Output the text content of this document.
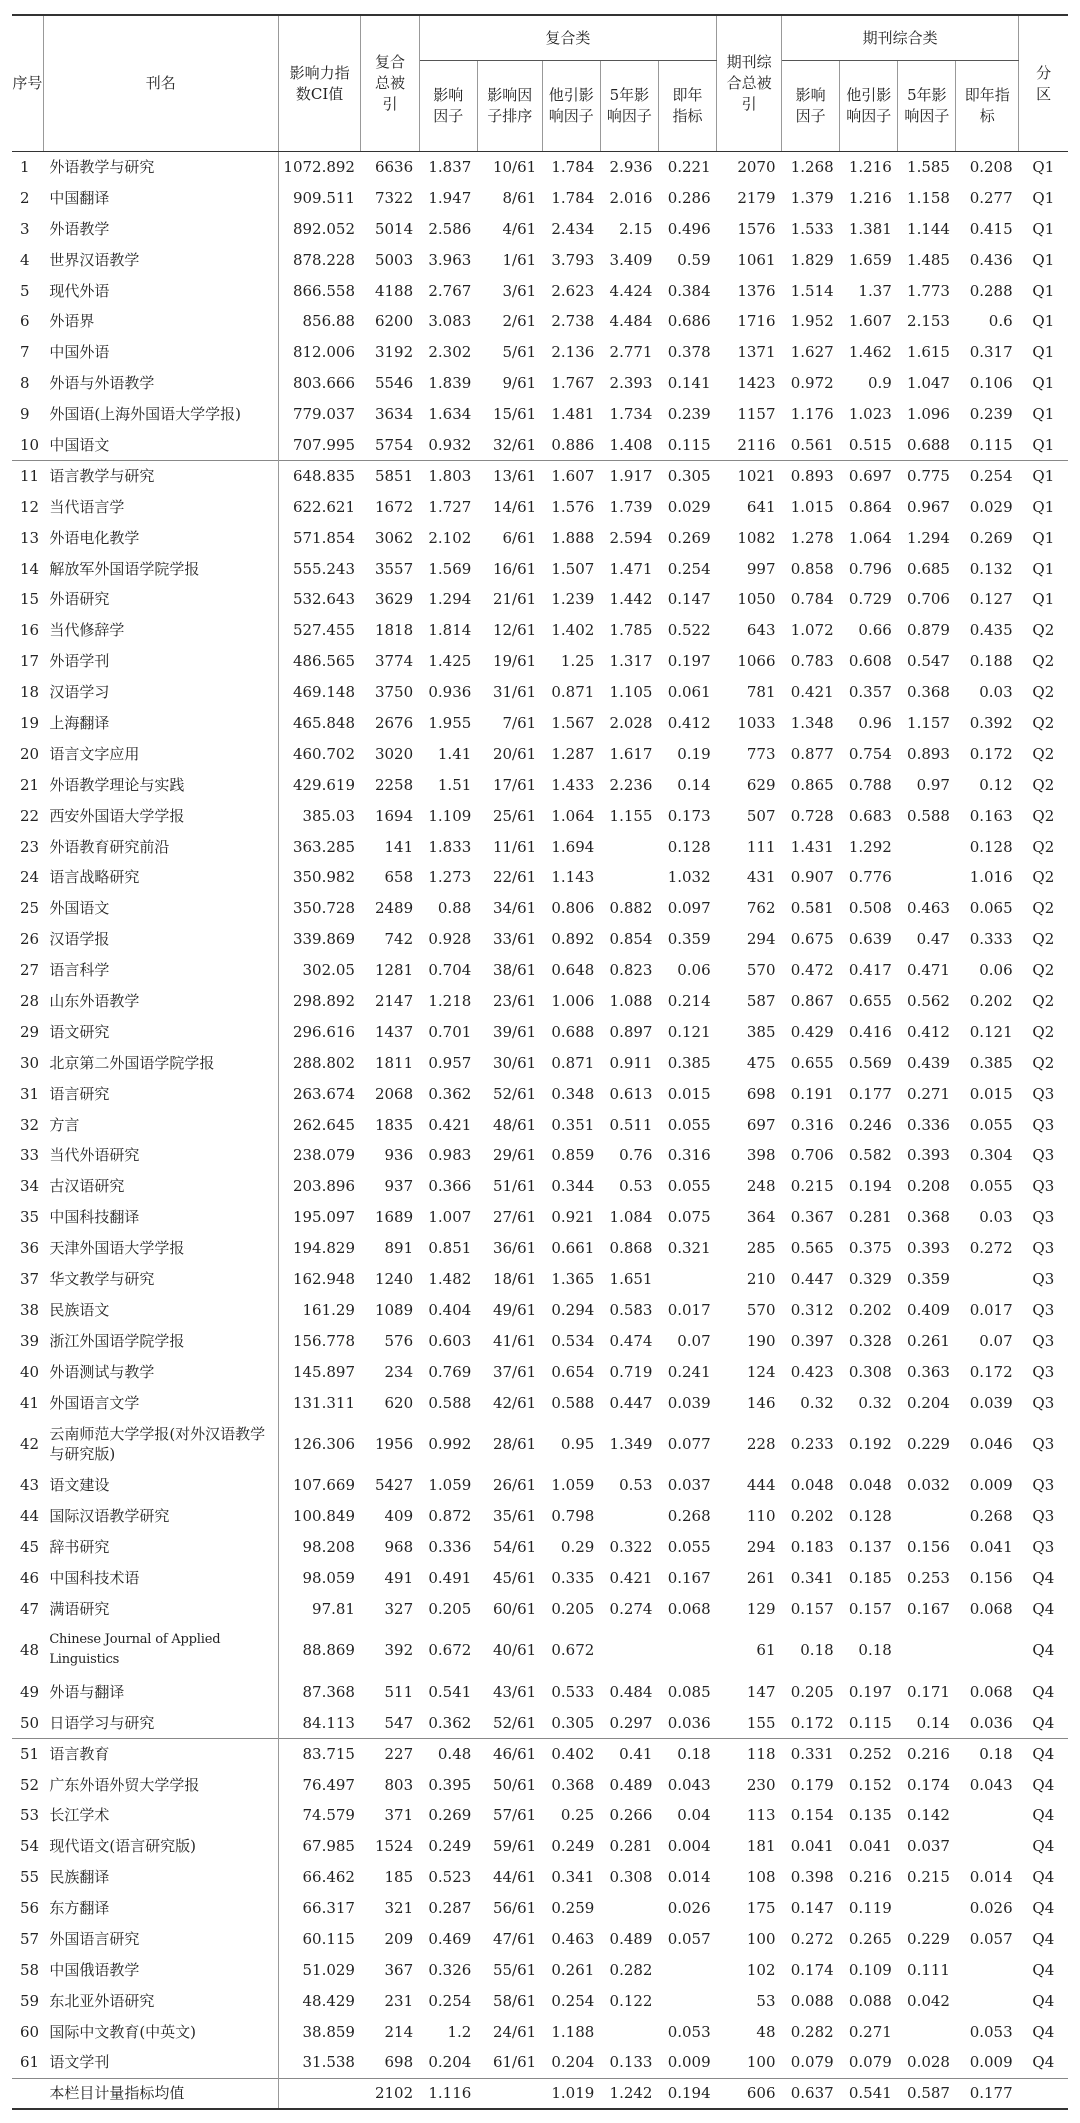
序号	刊名	影响力指数CI值	复合总被引	复合类					期刊综合总被引	期刊综合类				分区
				影响因子	影响因子排序	他引影响因子	5年影响因子	即年指标		影响因子	他引影响因子	5年影响因子	即年指标	
1	外语教学与研究	1072.892	6636	1.837	10/61	1.784	2.936	0.221	2070	1.268	1.216	1.585	0.208	Q1
2	中国翻译	909.511	7322	1.947	8/61	1.784	2.016	0.286	2179	1.379	1.216	1.158	0.277	Q1
3	外语教学	892.052	5014	2.586	4/61	2.434	2.15	0.496	1576	1.533	1.381	1.144	0.415	Q1
4	世界汉语教学	878.228	5003	3.963	1/61	3.793	3.409	0.59	1061	1.829	1.659	1.485	0.436	Q1
5	现代外语	866.558	4188	2.767	3/61	2.623	4.424	0.384	1376	1.514	1.37	1.773	0.288	Q1
6	外语界	856.88	6200	3.083	2/61	2.738	4.484	0.686	1716	1.952	1.607	2.153	0.6	Q1
7	中国外语	812.006	3192	2.302	5/61	2.136	2.771	0.378	1371	1.627	1.462	1.615	0.317	Q1
8	外语与外语教学	803.666	5546	1.839	9/61	1.767	2.393	0.141	1423	0.972	0.9	1.047	0.106	Q1
9	外国语(上海外国语大学学报)	779.037	3634	1.634	15/61	1.481	1.734	0.239	1157	1.176	1.023	1.096	0.239	Q1
10	中国语文	707.995	5754	0.932	32/61	0.886	1.408	0.115	2116	0.561	0.515	0.688	0.115	Q1
11	语言教学与研究	648.835	5851	1.803	13/61	1.607	1.917	0.305	1021	0.893	0.697	0.775	0.254	Q1
12	当代语言学	622.621	1672	1.727	14/61	1.576	1.739	0.029	641	1.015	0.864	0.967	0.029	Q1
13	外语电化教学	571.854	3062	2.102	6/61	1.888	2.594	0.269	1082	1.278	1.064	1.294	0.269	Q1
14	解放军外国语学院学报	555.243	3557	1.569	16/61	1.507	1.471	0.254	997	0.858	0.796	0.685	0.132	Q1
15	外语研究	532.643	3629	1.294	21/61	1.239	1.442	0.147	1050	0.784	0.729	0.706	0.127	Q1
16	当代修辞学	527.455	1818	1.814	12/61	1.402	1.785	0.522	643	1.072	0.66	0.879	0.435	Q2
17	外语学刊	486.565	3774	1.425	19/61	1.25	1.317	0.197	1066	0.783	0.608	0.547	0.188	Q2
18	汉语学习	469.148	3750	0.936	31/61	0.871	1.105	0.061	781	0.421	0.357	0.368	0.03	Q2
19	上海翻译	465.848	2676	1.955	7/61	1.567	2.028	0.412	1033	1.348	0.96	1.157	0.392	Q2
20	语言文字应用	460.702	3020	1.41	20/61	1.287	1.617	0.19	773	0.877	0.754	0.893	0.172	Q2
21	外语教学理论与实践	429.619	2258	1.51	17/61	1.433	2.236	0.14	629	0.865	0.788	0.97	0.12	Q2
22	西安外国语大学学报	385.03	1694	1.109	25/61	1.064	1.155	0.173	507	0.728	0.683	0.588	0.163	Q2
23	外语教育研究前沿	363.285	141	1.833	11/61	1.694		0.128	111	1.431	1.292		0.128	Q2
24	语言战略研究	350.982	658	1.273	22/61	1.143		1.032	431	0.907	0.776		1.016	Q2
25	外国语文	350.728	2489	0.88	34/61	0.806	0.882	0.097	762	0.581	0.508	0.463	0.065	Q2
26	汉语学报	339.869	742	0.928	33/61	0.892	0.854	0.359	294	0.675	0.639	0.47	0.333	Q2
27	语言科学	302.05	1281	0.704	38/61	0.648	0.823	0.06	570	0.472	0.417	0.471	0.06	Q2
28	山东外语教学	298.892	2147	1.218	23/61	1.006	1.088	0.214	587	0.867	0.655	0.562	0.202	Q2
29	语文研究	296.616	1437	0.701	39/61	0.688	0.897	0.121	385	0.429	0.416	0.412	0.121	Q2
30	北京第二外国语学院学报	288.802	1811	0.957	30/61	0.871	0.911	0.385	475	0.655	0.569	0.439	0.385	Q2
31	语言研究	263.674	2068	0.362	52/61	0.348	0.613	0.015	698	0.191	0.177	0.271	0.015	Q3
32	方言	262.645	1835	0.421	48/61	0.351	0.511	0.055	697	0.316	0.246	0.336	0.055	Q3
33	当代外语研究	238.079	936	0.983	29/61	0.859	0.76	0.316	398	0.706	0.582	0.393	0.304	Q3
34	古汉语研究	203.896	937	0.366	51/61	0.344	0.53	0.055	248	0.215	0.194	0.208	0.055	Q3
35	中国科技翻译	195.097	1689	1.007	27/61	0.921	1.084	0.075	364	0.367	0.281	0.368	0.03	Q3
36	天津外国语大学学报	194.829	891	0.851	36/61	0.661	0.868	0.321	285	0.565	0.375	0.393	0.272	Q3
37	华文教学与研究	162.948	1240	1.482	18/61	1.365	1.651		210	0.447	0.329	0.359		Q3
38	民族语文	161.29	1089	0.404	49/61	0.294	0.583	0.017	570	0.312	0.202	0.409	0.017	Q3
39	浙江外国语学院学报	156.778	576	0.603	41/61	0.534	0.474	0.07	190	0.397	0.328	0.261	0.07	Q3
40	外语测试与教学	145.897	234	0.769	37/61	0.654	0.719	0.241	124	0.423	0.308	0.363	0.172	Q3
41	外国语言文学	131.311	620	0.588	42/61	0.588	0.447	0.039	146	0.32	0.32	0.204	0.039	Q3
42	云南师范大学学报(对外汉语教学与研究版)	126.306	1956	0.992	28/61	0.95	1.349	0.077	228	0.233	0.192	0.229	0.046	Q3
43	语文建设	107.669	5427	1.059	26/61	1.059	0.53	0.037	444	0.048	0.048	0.032	0.009	Q3
44	国际汉语教学研究	100.849	409	0.872	35/61	0.798		0.268	110	0.202	0.128		0.268	Q3
45	辞书研究	98.208	968	0.336	54/61	0.29	0.322	0.055	294	0.183	0.137	0.156	0.041	Q3
46	中国科技术语	98.059	491	0.491	45/61	0.335	0.421	0.167	261	0.341	0.185	0.253	0.156	Q4
47	满语研究	97.81	327	0.205	60/61	0.205	0.274	0.068	129	0.157	0.157	0.167	0.068	Q4
48	Chinese Journal of Applied Linguistics	88.869	392	0.672	40/61	0.672			61	0.18	0.18			Q4
49	外语与翻译	87.368	511	0.541	43/61	0.533	0.484	0.085	147	0.205	0.197	0.171	0.068	Q4
50	日语学习与研究	84.113	547	0.362	52/61	0.305	0.297	0.036	155	0.172	0.115	0.14	0.036	Q4
51	语言教育	83.715	227	0.48	46/61	0.402	0.41	0.18	118	0.331	0.252	0.216	0.18	Q4
52	广东外语外贸大学学报	76.497	803	0.395	50/61	0.368	0.489	0.043	230	0.179	0.152	0.174	0.043	Q4
53	长江学术	74.579	371	0.269	57/61	0.25	0.266	0.04	113	0.154	0.135	0.142		Q4
54	现代语文(语言研究版)	67.985	1524	0.249	59/61	0.249	0.281	0.004	181	0.041	0.041	0.037		Q4
55	民族翻译	66.462	185	0.523	44/61	0.341	0.308	0.014	108	0.398	0.216	0.215	0.014	Q4
56	东方翻译	66.317	321	0.287	56/61	0.259		0.026	175	0.147	0.119		0.026	Q4
57	外国语言研究	60.115	209	0.469	47/61	0.463	0.489	0.057	100	0.272	0.265	0.229	0.057	Q4
58	中国俄语教学	51.029	367	0.326	55/61	0.261	0.282		102	0.174	0.109	0.111		Q4
59	东北亚外语研究	48.429	231	0.254	58/61	0.254	0.122		53	0.088	0.088	0.042		Q4
60	国际中文教育(中英文)	38.859	214	1.2	24/61	1.188		0.053	48	0.282	0.271		0.053	Q4
61	语文学刊	31.538	698	0.204	61/61	0.204	0.133	0.009	100	0.079	0.079	0.028	0.009	Q4
	本栏目计量指标均值		2102	1.116		1.019	1.242	0.194	606	0.637	0.541	0.587	0.177	
